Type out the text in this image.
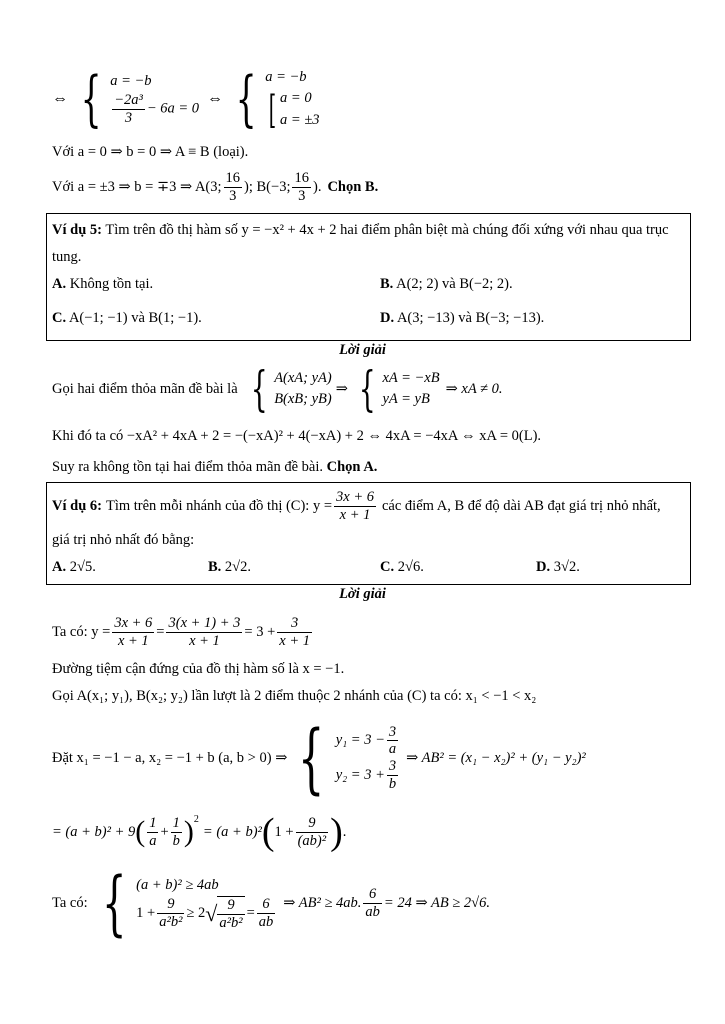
⇔ { a = −b
$\frac{\text{−2a³}}{3} - 6a = 0$
⇔ { a = −b
[ a = 0
a = ±3
Với a = 0 ⇒ b = 0 ⇒ A ≡ B (loại).
Với a = ±3 ⇒ b = ∓3 ⇒ A(3; $\frac{16}{3}$ ); B(−3; $\frac{16}{3}$ ). Chọn B.
Ví dụ 5: Tìm trên đồ thị hàm số y = −x² + 4x + 2 hai điểm phân biệt mà chúng đối xứng với nhau qua trục
tung.
A. Không tồn tại.	B. A(2; 2) và B(−2; 2).
C. A(−1; −1) và B(1; −1).	D. A(3; −13) và B(−3; −13).
Lời giải
Gọi hai điểm thỏa mãn đề bài là { A(xA; yA)
B(xB; yB)
⇒ { xA = −xB
yA = yB
⇒ xA ≠ 0.
Khi đó ta có −xA² + 4xA + 2 = −(−xA)² + 4(−xA) + 2 ⇔ 4xA = −4xA ⇔ xA = 0(L).
Suy ra không tồn tại hai điểm thỏa mãn đề bài. Chọn A.
Ví dụ 6: Tìm trên mỗi nhánh của đồ thị (C): $y = \frac{3x + 6}{x + 1}$ các điểm A, B để độ dài AB đạt giá trị nhỏ nhất,
giá trị nhỏ nhất đó bằng:
A. 2√5.	B. 2√2.	C. 2√6.	D. 3√2.
Lời giải
Ta có: $y = \frac{3x + 6}{x + 1} = \frac{3(x + 1) + 3}{x + 1} = 3 + \frac{3}{x + 1}$
Đường tiệm cận đứng của đồ thị hàm số là x = −1.
Gọi A(x₁; y₁), B(x₂; y₂) lần lượt là 2 điểm thuộc 2 nhánh của (C) ta có: x₁ < −1 < x₂
Đặt x₁ = −1 − a, x₂ = −1 + b (a, b > 0) ⇒ { $y_1 = 3 - \frac{3}{a}$
$y_2 = 3 + \frac{3}{b}$
⇒ AB² = (x₁ − x₂)² + (y₁ − y₂)²
= (a + b)² + 9 ( $\frac{1}{a} + \frac{1}{b} )^2$
= (a + b)² ( $1 + \frac{9}{\text{(ab)²}}$ ) .
Ta có: { (a + b)² ≥ 4ab
$1 + \frac{9}{\text{a²b²}} \ge 2$ √ $\frac{9}{\text{a²b²}} = \frac{6}{ab}$ ⇒ AB² ≥ 4ab. $\frac{6}{ab} = 24$ ⇒ AB ≥ 2√6.
